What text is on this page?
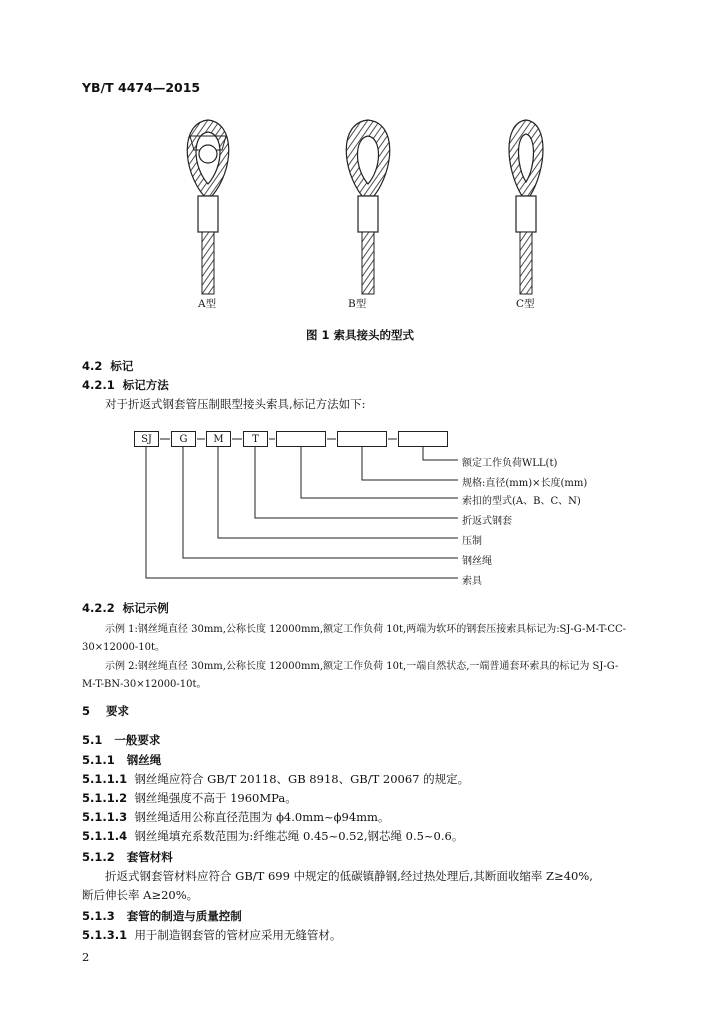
YB/T 4474—2015
A型	B型	C型
图 1 索具接头的型式
4.2 标记
4.2.1 标记方法
对于折返式钢套管压制眼型接头索具,标记方法如下:
SJ	G	M	T
额定工作负荷WLL(t)
规格:直径(mm)×长度(mm)
索扣的型式(A、B、C、N)
折返式钢套
压制
钢丝绳
索具
4.2.2 标记示例
示例 1:钢丝绳直径 30mm,公称长度 12000mm,额定工作负荷 10t,两端为软环的钢套压接索具标记为:SJ-G-M-T-CC-
30×12000-10t。
示例 2:钢丝绳直径 30mm,公称长度 12000mm,额定工作负荷 10t,一端自然状态,一端普通套环索具的标记为 SJ-G-
M-T-BN-30×12000-10t。
5 要求
5.1 一般要求
5.1.1 钢丝绳
5.1.1.1 钢丝绳应符合 GB/T 20118、GB 8918、GB/T 20067 的规定。
5.1.1.2 钢丝绳强度不高于 1960MPa。
5.1.1.3 钢丝绳适用公称直径范围为 ϕ4.0mm~ϕ94mm。
5.1.1.4 钢丝绳填充系数范围为:纤维芯绳 0.45~0.52,钢芯绳 0.5~0.6。
5.1.2 套管材料
折返式钢套管材料应符合 GB/T 699 中规定的低碳镇静钢,经过热处理后,其断面收缩率 Z≥40%,
断后伸长率 A≥20%。
5.1.3 套管的制造与质量控制
5.1.3.1 用于制造钢套管的管材应采用无缝管材。
2
